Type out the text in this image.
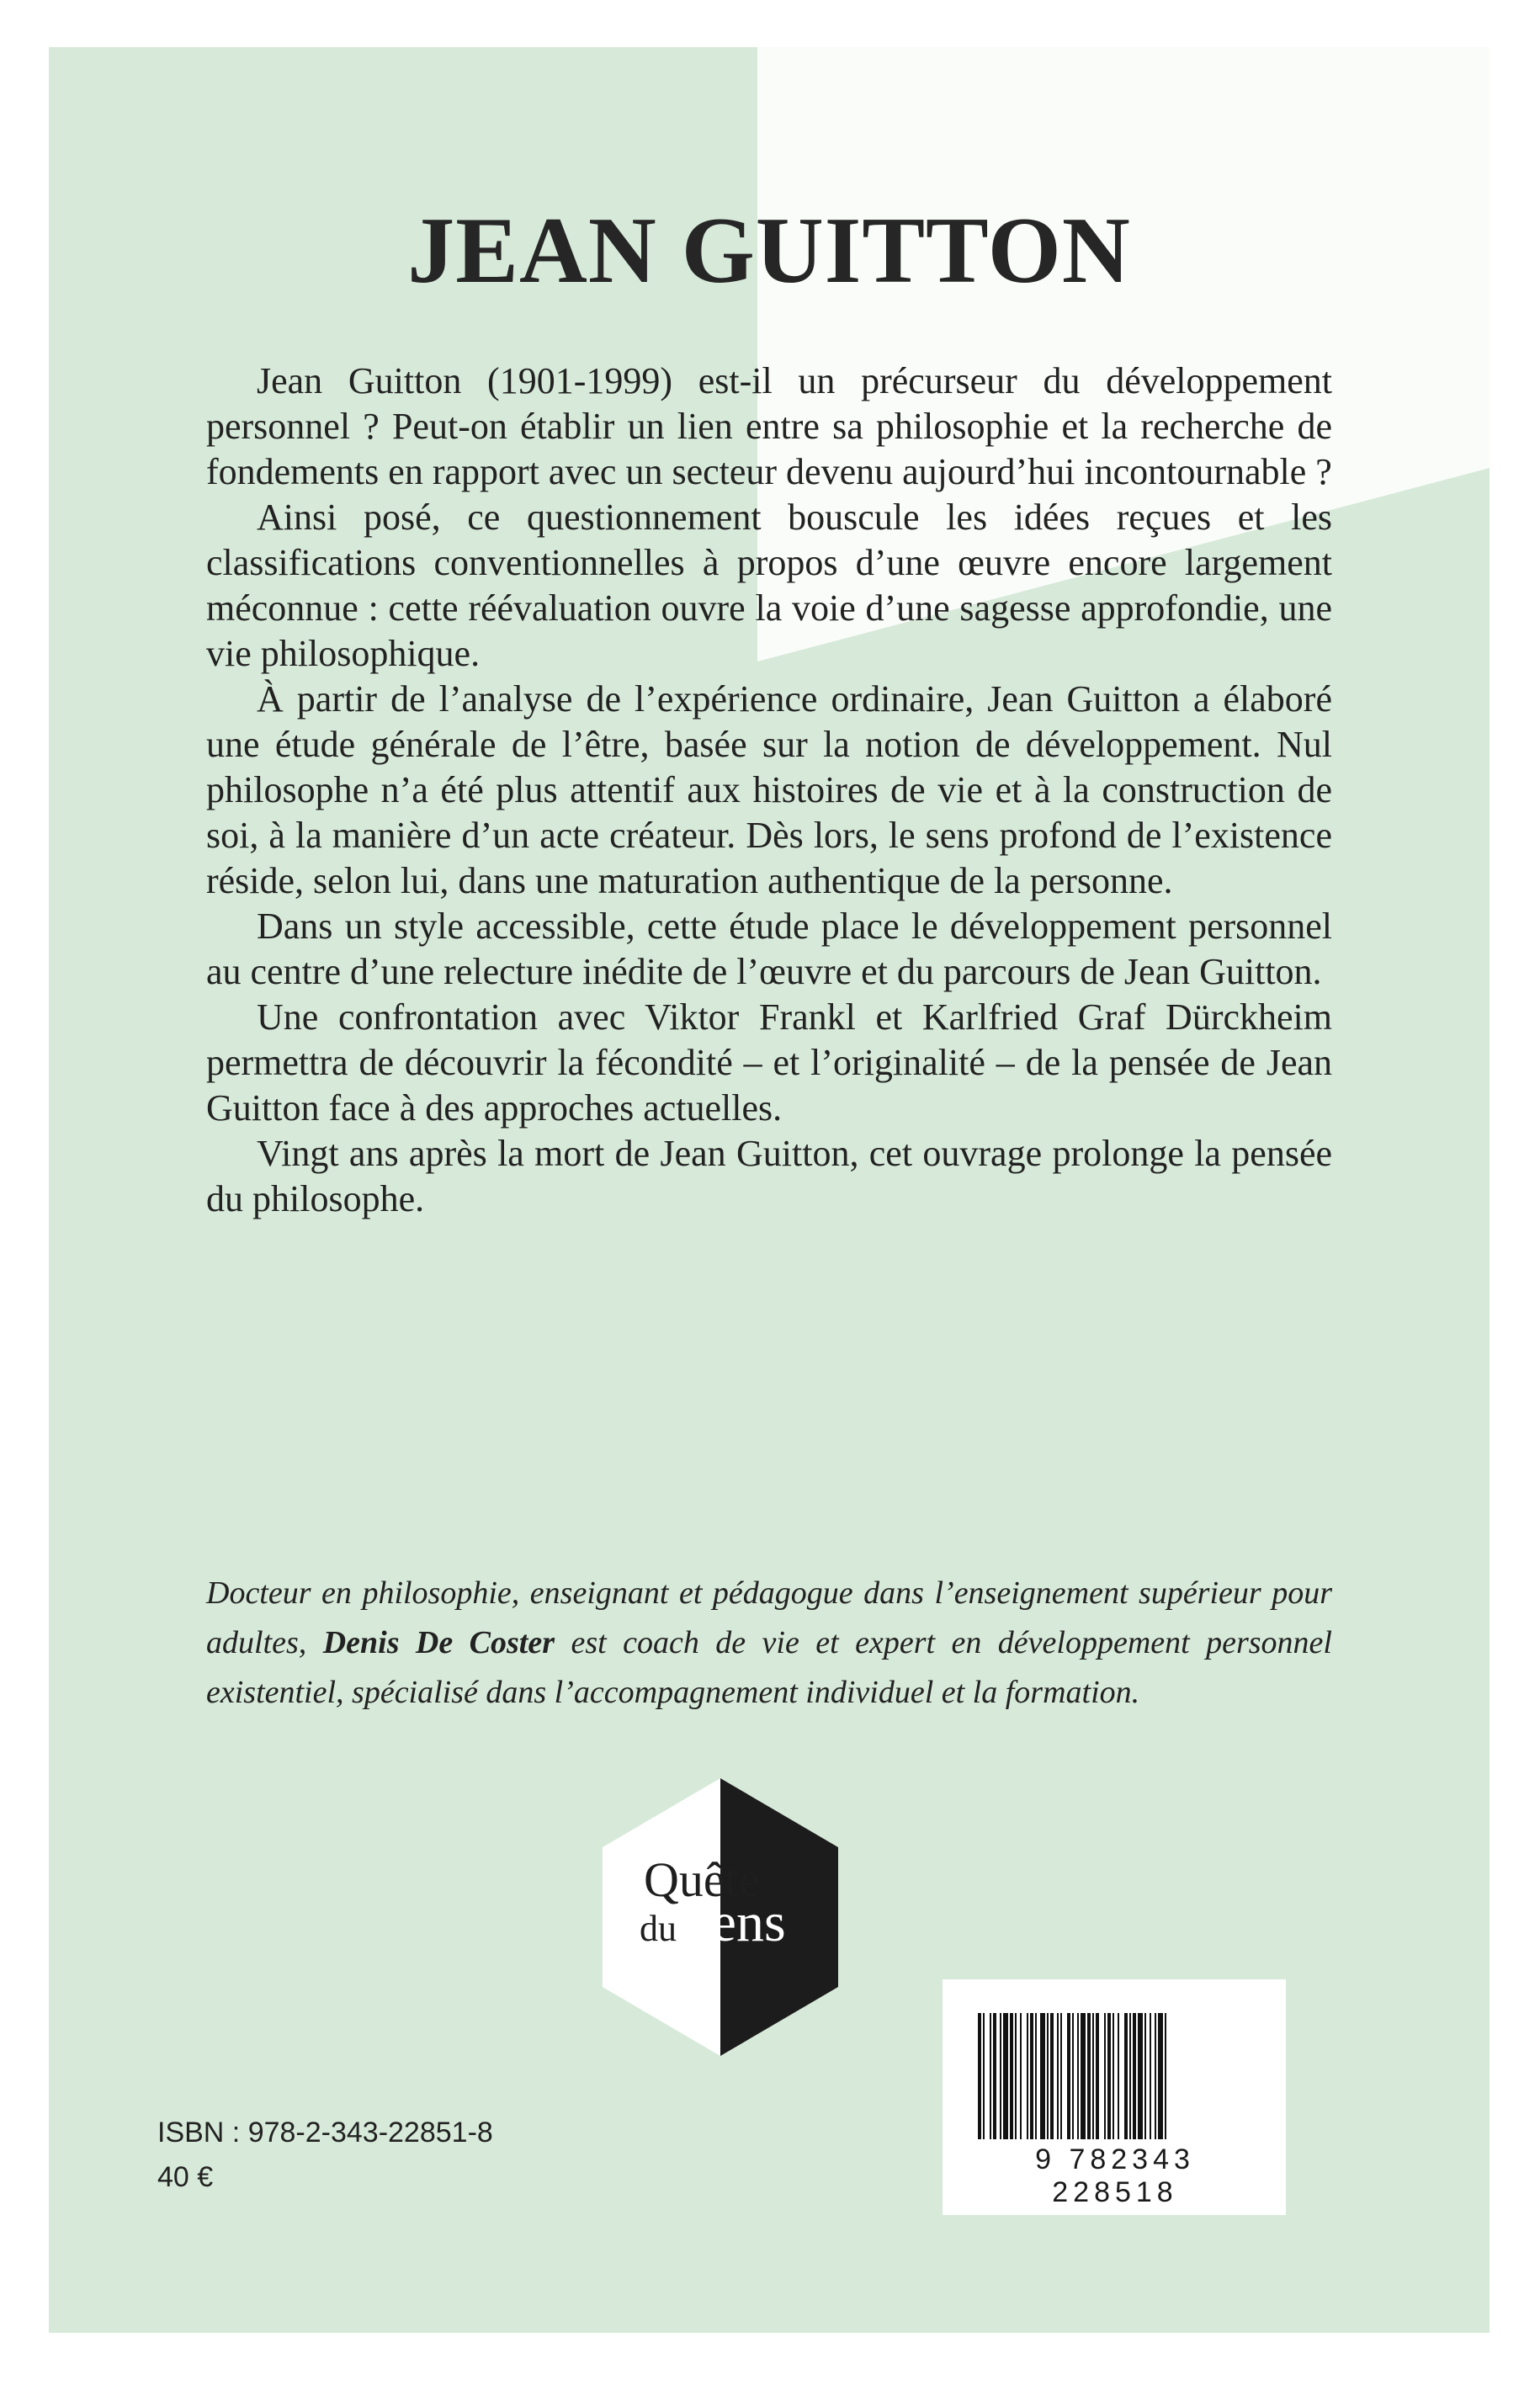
JEAN GUITTON

Jean Guitton (1901-1999) est-il un précurseur du développement personnel ? Peut-on établir un lien entre sa philosophie et la recherche de fondements en rapport avec un secteur devenu aujourd’hui incontournable ?

Ainsi posé, ce questionnement bouscule les idées reçues et les classifications conventionnelles à propos d’une œuvre encore largement méconnue : cette réévaluation ouvre la voie d’une sagesse approfondie, une vie philosophique.

À partir de l’analyse de l’expérience ordinaire, Jean Guitton a élaboré une étude générale de l’être, basée sur la notion de développement. Nul philosophe n’a été plus attentif aux histoires de vie et à la construction de soi, à la manière d’un acte créateur. Dès lors, le sens profond de l’existence réside, selon lui, dans une maturation authentique de la personne.

Dans un style accessible, cette étude place le développement personnel au centre d’une relecture inédite de l’œuvre et du parcours de Jean Guitton.

Une confrontation avec Viktor Frankl et Karlfried Graf Dürckheim permettra de découvrir la fécondité – et l’originalité – de la pensée de Jean Guitton face à des approches actuelles.

Vingt ans après la mort de Jean Guitton, cet ouvrage prolonge la pensée du philosophe.

Docteur en philosophie, enseignant et pédagogue dans l’enseignement supérieur pour adultes, Denis De Coster est coach de vie et expert en développement personnel existentiel, spécialisé dans l’accompagnement individuel et la formation.

Quête
du sens
9 782343 228518
ISBN : 978-2-343-22851-8
40 €
